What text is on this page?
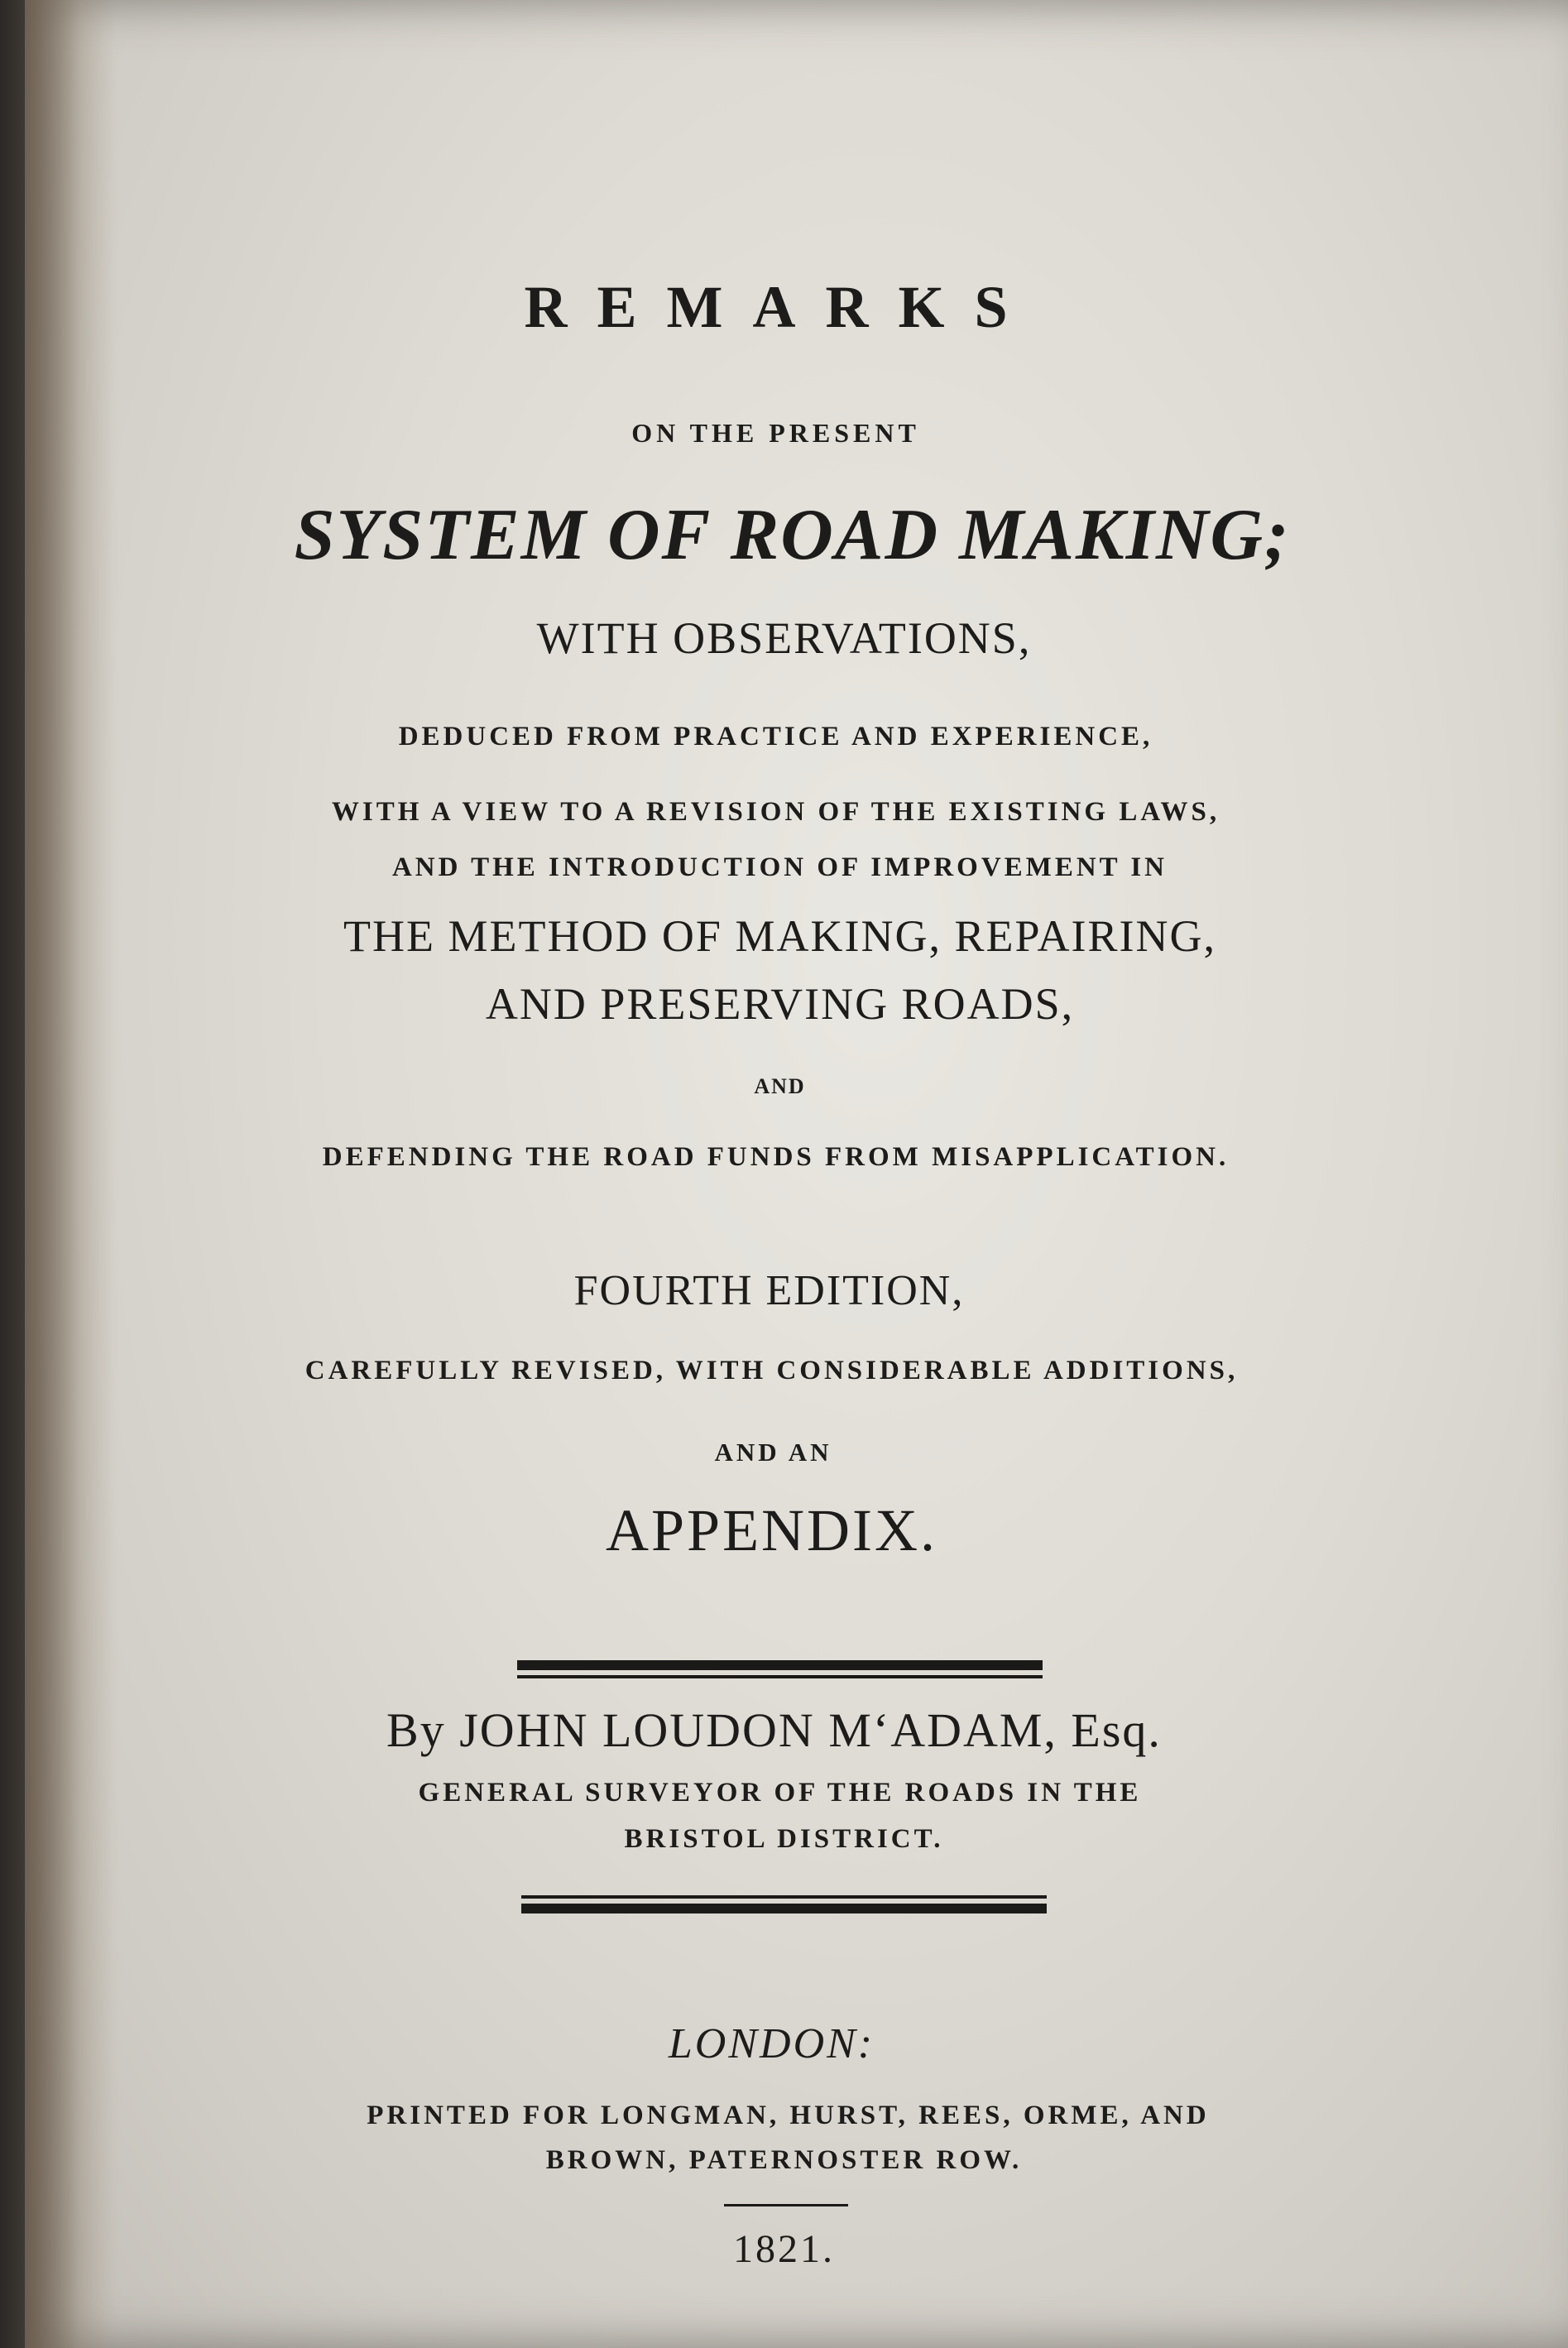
REMARKS

ON THE PRESENT

SYSTEM OF ROAD MAKING;

WITH OBSERVATIONS,

DEDUCED FROM PRACTICE AND EXPERIENCE,

WITH A VIEW TO A REVISION OF THE EXISTING LAWS,

AND THE INTRODUCTION OF IMPROVEMENT IN

THE METHOD OF MAKING, REPAIRING,

AND PRESERVING ROADS,

AND

DEFENDING THE ROAD FUNDS FROM MISAPPLICATION.

FOURTH EDITION,

CAREFULLY REVISED, WITH CONSIDERABLE ADDITIONS,

AND AN

APPENDIX.

By JOHN LOUDON M‘ADAM, Esq.

GENERAL SURVEYOR OF THE ROADS IN THE

BRISTOL DISTRICT.

LONDON:

PRINTED FOR LONGMAN, HURST, REES, ORME, AND

BROWN, PATERNOSTER ROW.

1821.
